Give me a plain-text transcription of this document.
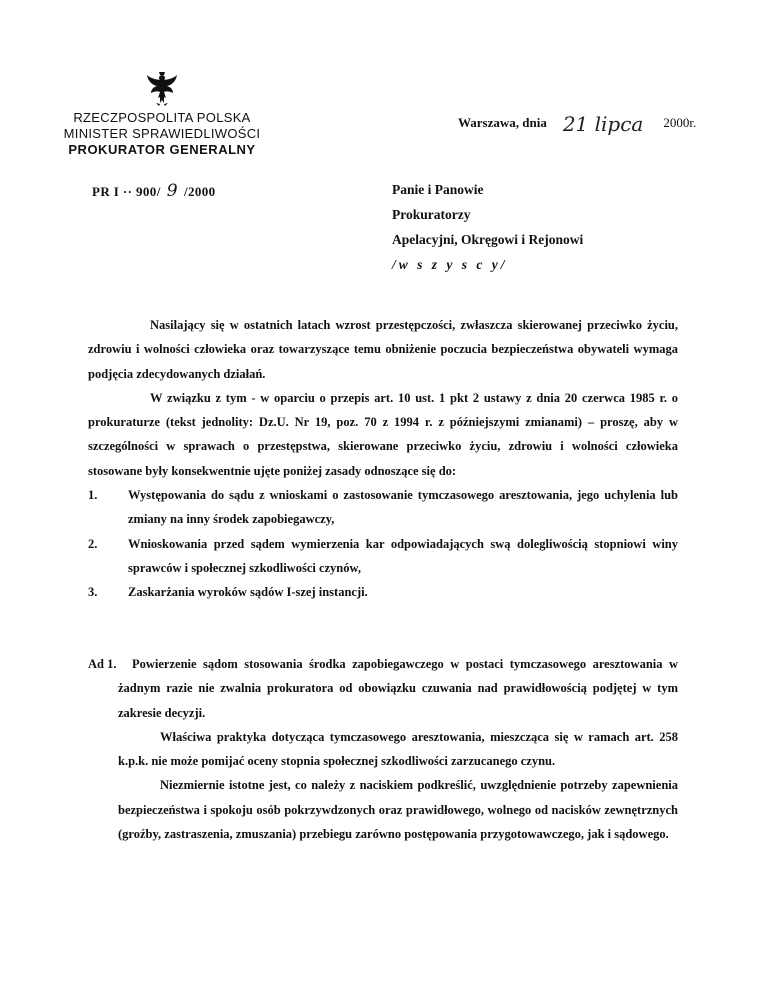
RZECZPOSPOLITA POLSKA
MINISTER SPRAWIEDLIWOŚCI
PROKURATOR GENERALNY
Warszawa, dnia 21 lipca 2000r.
PR I ·· 900/ 9 /2000	Panie i Panowie
Prokuratorzy
Apelacyjni, Okręgowi i Rejonowi
/w s z y s c y/

Nasilający się w ostatnich latach wzrost przestępczości, zwłaszcza skierowanej przeciwko życiu, zdrowiu i wolności człowieka oraz towarzyszące temu obniżenie poczucia bezpieczeństwa obywateli wymaga podjęcia zdecydowanych działań.

W związku z tym - w oparciu o przepis art. 10 ust. 1 pkt 2 ustawy z dnia 20 czerwca 1985 r. o prokuraturze (tekst jednolity: Dz.U. Nr 19, poz. 70 z 1994 r. z późniejszymi zmianami) – proszę, aby w szczególności w sprawach o przestępstwa, skierowane przeciwko życiu, zdrowiu i wolności człowieka stosowane były konsekwentnie ujęte poniżej zasady odnoszące się do:

1. Występowania do sądu z wnioskami o zastosowanie tymczasowego aresztowania, jego uchylenia lub zmiany na inny środek zapobiegawczy,
2. Wnioskowania przed sądem wymierzenia kar odpowiadających swą dolegliwością stopniowi winy sprawców i społecznej szkodliwości czynów,
3. Zaskarżania wyroków sądów I-szej instancji.

Ad 1. Powierzenie sądom stosowania środka zapobiegawczego w postaci tymczasowego aresztowania w żadnym razie nie zwalnia prokuratora od obowiązku czuwania nad prawidłowością podjętej w tym zakresie decyzji.

Właściwa praktyka dotycząca tymczasowego aresztowania, mieszcząca się w ramach art. 258 k.p.k. nie może pomijać oceny stopnia społecznej szkodliwości zarzucanego czynu.

Niezmiernie istotne jest, co należy z naciskiem podkreślić, uwzględnienie potrzeby zapewnienia bezpieczeństwa i spokoju osób pokrzywdzonych oraz prawidłowego, wolnego od nacisków zewnętrznych (groźby, zastraszenia, zmuszania) przebiegu zarówno postępowania przygotowawczego, jak i sądowego.
